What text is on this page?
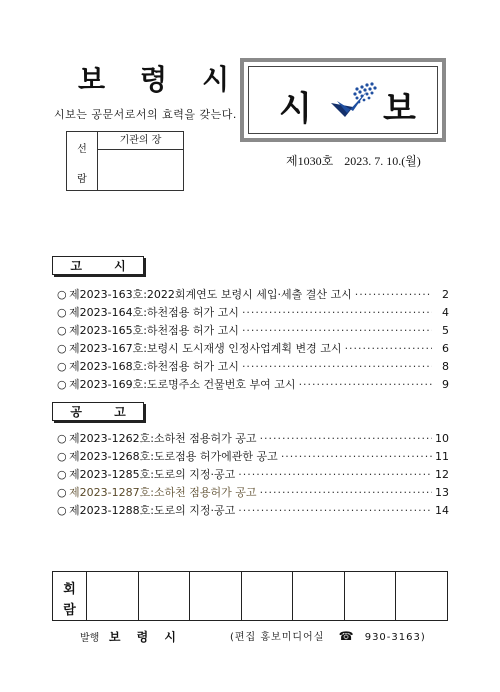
보 령 시
시보는 공문서로서의 효력을 갖는다.
선
람
기관의 장
시 보
제1030호 2023. 7. 10.(월)
고 시
○ 제2023-163호: 2022회계연도 보령시 세입·세출 결산 고시 ·····	2
○ 제2023-164호: 하천점용 허가 고시 ·····	4
○ 제2023-165호: 하천점용 허가 고시 ·····	5
○ 제2023-167호: 보령시 도시재생 인정사업계획 변경 고시 ·····	6
○ 제2023-168호: 하천점용 허가 고시 ·····	8
○ 제2023-169호: 도로명주소 건물번호 부여 고시 ·····	9
공 고
○ 제2023-1262호: 소하천 점용허가 공고 ·····	10
○ 제2023-1268호: 도로점용 허가에관한 공고 ·····	11
○ 제2023-1285호: 도로의 지정·공고 ·····	12
○ 제2023-1287호: 소하천 점용허가 공고 ·····	13
○ 제2023-1288호: 도로의 지정·공고 ·····	14
회
람
발행 보 령 시	(편집 홍보미디어실 ☎ 930-3163)
